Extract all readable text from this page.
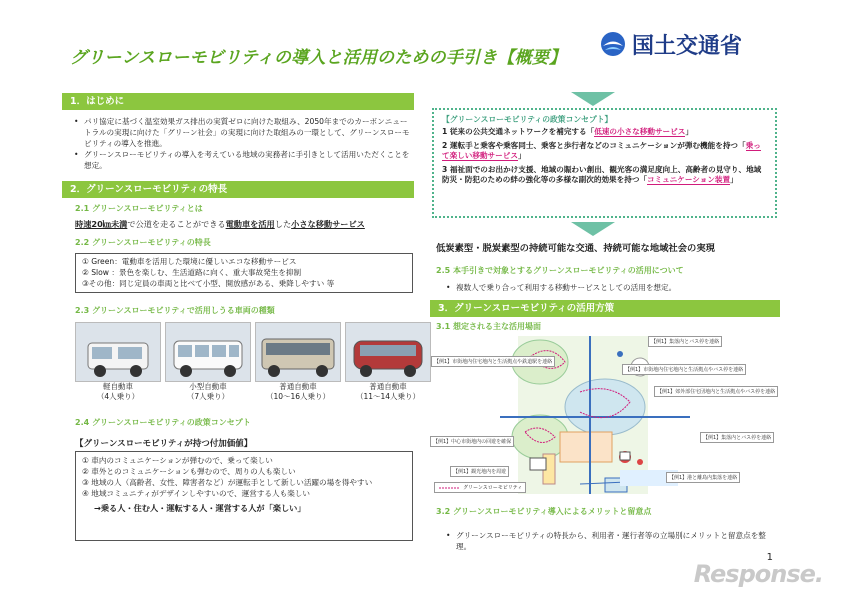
グリーンスローモビリティの導入と活用のための手引き【概要】	国土交通省
1．はじめに
• パリ協定に基づく温室効果ガス排出の実質ゼロに向けた取組み、2050年までのカーボンニュートラルの実現に向けた「グリーン社会」の実現に向けた取組みの一環として、グリーンスローモビリティの導入を推進。
• グリーンスローモビリティの導入を考えている地域の実務者に手引きとして活用いただくことを想定。
2．グリーンスローモビリティの特長
2.1 グリーンスローモビリティとは
時速20㎞未満で公道を走ることができる電動車を活用した小さな移動サービス
2.2 グリーンスローモビリティの特長
① Green：電動車を活用した環境に優しいエコな移動サービス
② Slow ：景色を楽しむ、生活道路に向く、重大事故発生を抑制
③その他：同じ定員の車両と比べて小型、開放感がある、乗降しやすい 等
2.3 グリーンスローモビリティで活用しうる車両の種類
軽自動車
（4人乗り）
小型自動車
（7人乗り）
普通自動車
（10～16人乗り）
普通自動車
（11～14人乗り）
2.4 グリーンスローモビリティの政策コンセプト
【グリーンスローモビリティが持つ付加価値】
① 車内のコミュニケーションが弾むので、乗って楽しい
② 車外とのコミュニケーションも弾むので、周りの人も楽しい
③ 地域の人（高齢者、女性、障害者など）が運転手として新しい活躍の場を得やすい
④ 地域コミュニティがデザインしやすいので、運営する人も楽しい
→乗る人・住む人・運転する人・運営する人が「楽しい」
【グリーンスローモビリティの政策コンセプト】
1 従来の公共交通ネットワークを補完する「低速の小さな移動サービス」
2 運転手と乗客や乗客同士、乗客と歩行者などのコミュニケーションが弾む機能を持つ「乗って楽しい移動サービス」
3 福祉面でのお出かけ支援、地域の賑わい創出、観光客の満足度向上、高齢者の見守り、地域防災・防犯のための絆の強化等の多様な副次的効果を持つ「コミュニケーション装置」
低炭素型・脱炭素型の持続可能な交通、持続可能な地域社会の実現
2.5 本手引きで対象とするグリーンスローモビリティの活用について
• 複数人で乗り合って利用する移動サービスとしての活用を想定。
3．グリーンスローモビリティの活用方策
3.1 想定される主な活用場面
【例1】市街地内住宅地内と生活拠点や鉄道駅を連絡
【例1】集落内とバス停を連絡
【例1】市街地内住宅地内と生活拠点やバス停を連絡
【例1】郊外部住宅団地内と生活拠点やバス停を連絡
【例1】中心市街地内の回遊を確保
【例1】集落内とバス停を連絡
【例1】観光地内を周遊
【例1】港と離島内集落を連絡
グリーンスローモビリティ
3.2 グリーンスローモビリティ導入によるメリットと留意点
• グリーンスローモビリティの特長から、利用者・運行者等の立場別にメリットと留意点を整理。
1
Response.
